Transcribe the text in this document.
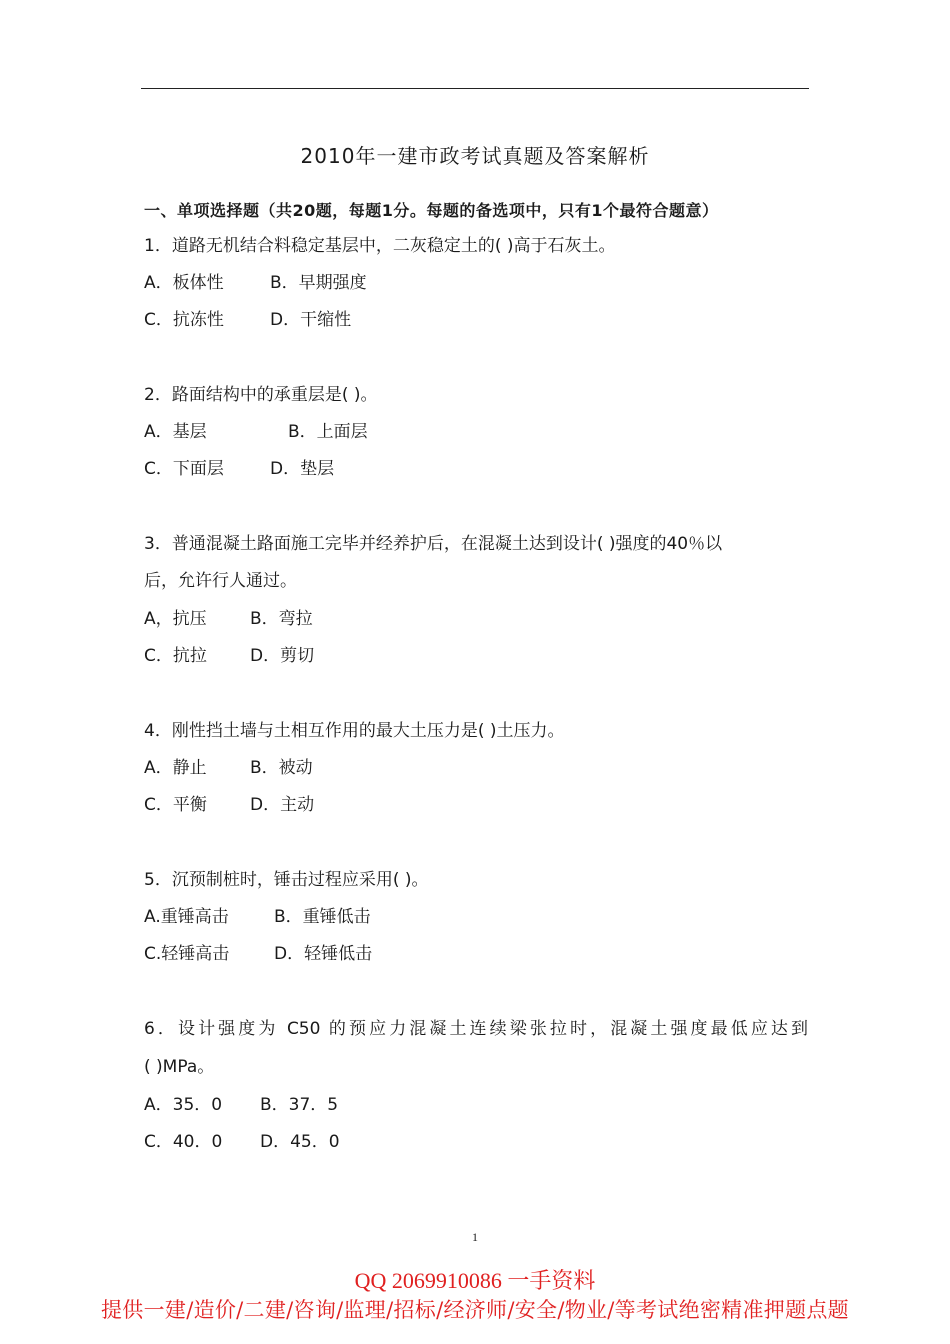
2010年一建市政考试真题及答案解析
一、单项选择题（共20题，每题1分。每题的备选项中，只有1个最符合题意）
1．道路无机结合料稳定基层中，二灰稳定土的( )高于石灰土。
A．板体性	B．早期强度
C．抗冻性	D．干缩性
2．路面结构中的承重层是( )。
A．基层	B．上面层
C．下面层	D．垫层
3．普通混凝土路面施工完毕并经养护后，在混凝土达到设计( )强度的40％以
后，允许行人通过。
A，抗压	B．弯拉
C．抗拉	D．剪切
4．刚性挡土墙与土相互作用的最大土压力是( )土压力。
A．静止	B．被动
C．平衡	D．主动
5．沉预制桩时，锤击过程应采用( )。
A.重锤高击	B．重锤低击
C.轻锤高击	D．轻锤低击
6．设计强度为 C50 的预应力混凝土连续梁张拉时，混凝土强度最低应达到
( )MPa。
A．35．0 B．37．5
C．40．0 D．45．0
1
QQ 2069910086 一手资料
提供一建/造价/二建/咨询/监理/招标/经济师/安全/物业/等考试绝密精准押题点题
